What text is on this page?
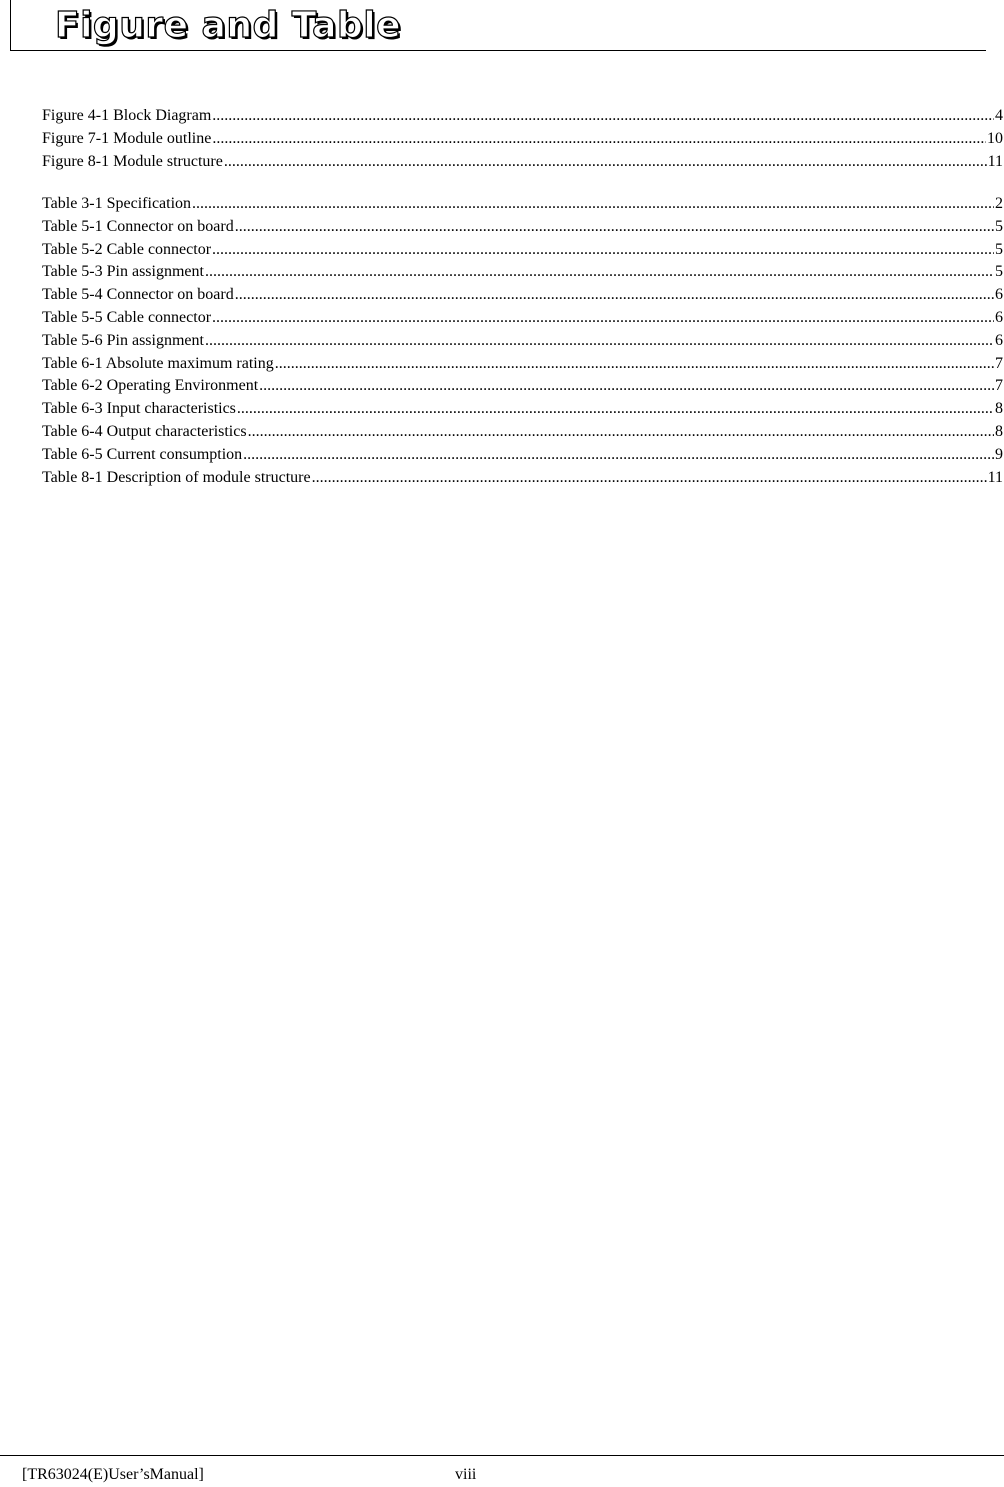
Figure and Table
Figure 4-1 Block Diagram .....	4
Figure 7-1 Module outline .....	10
Figure 8-1 Module structure .....	11
Table 3-1 Specification .....	2
Table 5-1 Connector on board .....	5
Table 5-2 Cable connector .....	5
Table 5-3 Pin assignment .....	5
Table 5-4 Connector on board .....	6
Table 5-5 Cable connector .....	6
Table 5-6 Pin assignment .....	6
Table 6-1 Absolute maximum rating .....	7
Table 6-2 Operating Environment .....	7
Table 6-3 Input characteristics .....	8
Table 6-4 Output characteristics .....	8
Table 6-5 Current consumption .....	9
Table 8-1 Description of module structure .....	11
[TR63024(E)User’sManual]	viii
